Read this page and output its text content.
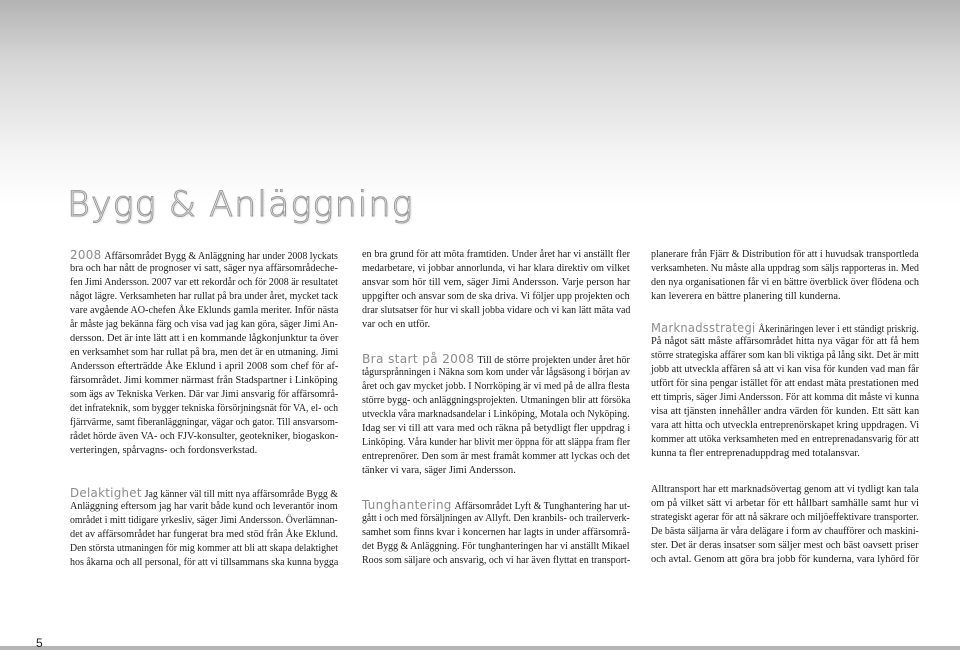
Bygg & Anläggning
5
2008 Affärsområdet Bygg & Anläggning har under 2008 lyckats
bra och har nått de prognoser vi satt, säger nya affärsområdeche-
fen Jimi Andersson. 2007 var ett rekordår och för 2008 är resultatet
något lägre. Verksamheten har rullat på bra under året, mycket tack
vare avgående AO-chefen Åke Eklunds gamla meriter. Inför nästa
år måste jag bekänna färg och visa vad jag kan göra, säger Jimi An-
dersson. Det är inte lätt att i en kommande lågkonjunktur ta över
en verksamhet som har rullat på bra, men det är en utmaning. Jimi
Andersson efterträdde Åke Eklund i april 2008 som chef för af-
färsområdet. Jimi kommer närmast från Stadspartner i Linköping
som ägs av Tekniska Verken. Där var Jimi ansvarig för affärsområ-
det infrateknik, som bygger tekniska försörjningsnät för VA, el- och
fjärrvärme, samt fiberanläggningar, vägar och gator. Till ansvarsom-
rådet hörde även VA- och FJV-konsulter, geotekniker, biogaskon-
verteringen, spårvagns- och fordonsverkstad.
Delaktighet Jag känner väl till mitt nya affärsområde Bygg &
Anläggning eftersom jag har varit både kund och leverantör inom
området i mitt tidigare yrkesliv, säger Jimi Andersson. Överlämnan-
det av affärsområdet har fungerat bra med stöd från Åke Eklund.
Den största utmaningen för mig kommer att bli att skapa delaktighet
hos åkarna och all personal, för att vi tillsammans ska kunna bygga
en bra grund för att möta framtiden. Under året har vi anställt fler
medarbetare, vi jobbar annorlunda, vi har klara direktiv om vilket
ansvar som hör till vem, säger Jimi Andersson. Varje person har
uppgifter och ansvar som de ska driva. Vi följer upp projekten och
drar slutsatser för hur vi skall jobba vidare och vi kan lätt mäta vad
var och en utför.
Bra start på 2008 Till de större projekten under året hör
tågursprånningen i Näkna som kom under vår lågsäsong i början av
året och gav mycket jobb. I Norrköping är vi med på de allra flesta
större bygg- och anläggningsprojekten. Utmaningen blir att försöka
utveckla våra marknadsandelar i Linköping, Motala och Nyköping.
Idag ser vi till att vara med och räkna på betydligt fler uppdrag i
Linköping. Våra kunder har blivit mer öppna för att släppa fram fler
entreprenörer. Den som är mest framåt kommer att lyckas och det
tänker vi vara, säger Jimi Andersson.
Tunghantering Affärsområdet Lyft & Tunghantering har ut-
gått i och med försäljningen av Allyft. Den kranbils- och trailerverk-
samhet som finns kvar i koncernen har lagts in under affärsområ-
det Bygg & Anläggning. För tunghanteringen har vi anställt Mikael
Roos som säljare och ansvarig, och vi har även flyttat en transport-
planerare från Fjärr & Distribution för att i huvudsak transportleda
verksamheten. Nu måste alla uppdrag som säljs rapporteras in. Med
den nya organisationen får vi en bättre överblick över flödena och
kan leverera en bättre planering till kunderna.
Marknadsstrategi Åkerinäringen lever i ett ständigt priskrig.
På något sätt måste affärsområdet hitta nya vägar för att få hem
större strategiska affärer som kan bli viktiga på lång sikt. Det är mitt
jobb att utveckla affären så att vi kan visa för kunden vad man får
utfört för sina pengar istället för att endast mäta prestationen med
ett timpris, säger Jimi Andersson. För att komma dit måste vi kunna
visa att tjänsten innehåller andra värden för kunden. Ett sätt kan
vara att hitta och utveckla entreprenörskapet kring uppdragen. Vi
kommer att utöka verksamheten med en entreprenadansvarig för att
kunna ta fler entreprenaduppdrag med totalansvar.
Alltransport har ett marknadsövertag genom att vi tydligt kan tala
om på vilket sätt vi arbetar för ett hållbart samhälle samt hur vi
strategiskt agerar för att nå säkrare och miljöeffektivare transporter.
De bästa säljarna är våra delägare i form av chaufförer och maskini-
ster. Det är deras insatser som säljer mest och bäst oavsett priser
och avtal. Genom att göra bra jobb för kunderna, vara lyhörd för
